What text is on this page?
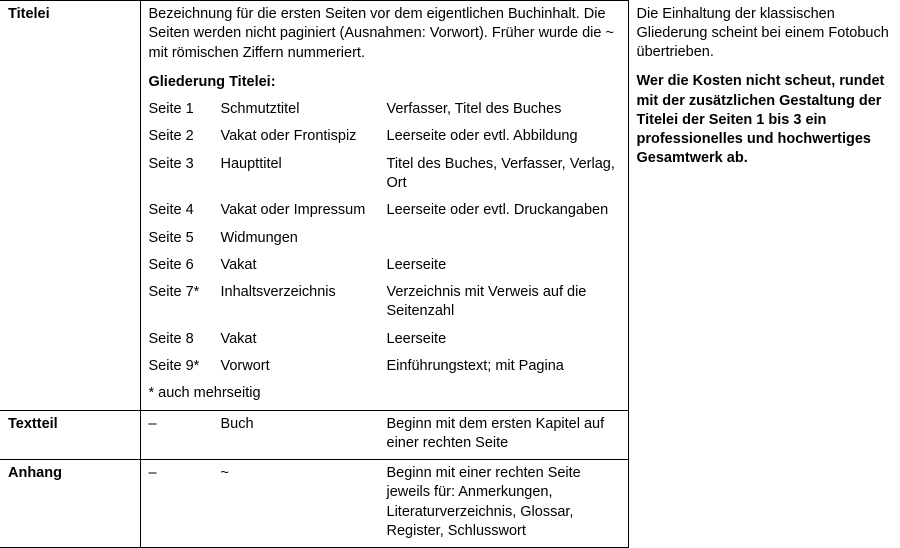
Titelei	Bezeichnung für die ersten Seiten vor dem eigentlichen Buchinhalt. Die Seiten werden nicht paginiert (Ausnahmen: Vorwort). Früher wurde die ~ mit römischen Ziffern nummeriert.

Gliederung Titelei:

Seite 1	Schmutztitel	Verfasser, Titel des Buches
Seite 2	Vakat oder Frontispiz	Leerseite oder evtl. Abbildung
Seite 3	Haupttitel	Titel des Buches, Verfasser, Verlag, Ort
Seite 4	Vakat oder Impressum	Leerseite oder evtl. Druckangaben
Seite 5	Widmungen	
Seite 6	Vakat	Leerseite
Seite 7*	Inhaltsverzeichnis	Verzeichnis mit Verweis auf die Seitenzahl
Seite 8	Vakat	Leerseite
Seite 9*	Vorwort	Einführungstext; mit Pagina

* auch mehrseitig

Die Einhaltung der klassischen Gliederung scheint bei einem Fotobuch übertrieben.

Wer die Kosten nicht scheut, rundet mit der zusätzlichen Gestaltung der Titelei der Seiten 1 bis 3 ein professionelles und hochwertiges Gesamtwerk ab.

Textteil	–	Buch	Beginn mit dem ersten Kapitel auf einer rechten Seite	

Anhang	–	~	Beginn mit einer rechten Seite jeweils für: Anmerkungen, Literaturverzeichnis, Glossar, Register, Schlusswort	
